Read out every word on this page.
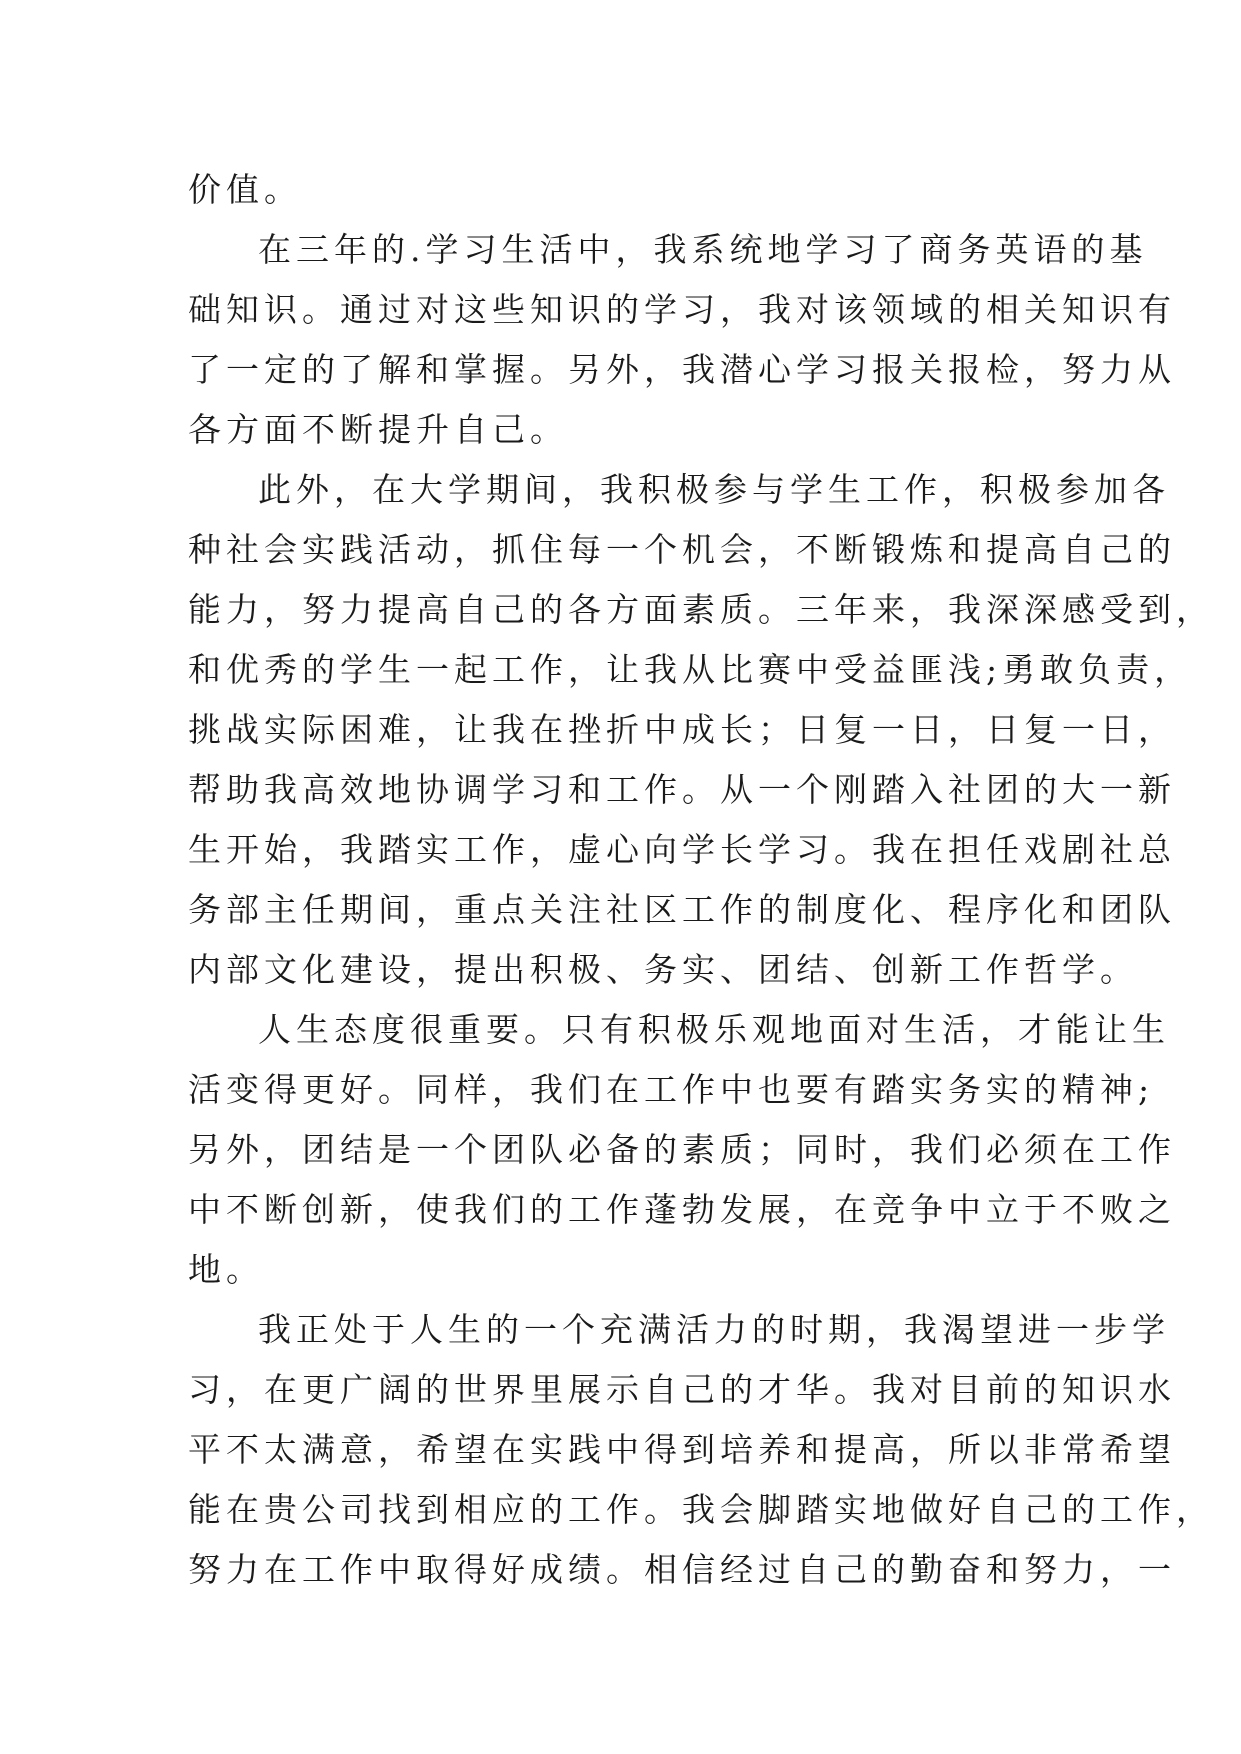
价值。
在三年的.学习生活中，我系统地学习了商务英语的基
础知识。通过对这些知识的学习，我对该领域的相关知识有
了一定的了解和掌握。另外，我潜心学习报关报检，努力从
各方面不断提升自己。
此外，在大学期间，我积极参与学生工作，积极参加各
种社会实践活动，抓住每一个机会，不断锻炼和提高自己的
能力，努力提高自己的各方面素质。三年来，我深深感受到，
和优秀的学生一起工作，让我从比赛中受益匪浅;勇敢负责，
挑战实际困难，让我在挫折中成长；日复一日，日复一日，
帮助我高效地协调学习和工作。从一个刚踏入社团的大一新
生开始，我踏实工作，虚心向学长学习。我在担任戏剧社总
务部主任期间，重点关注社区工作的制度化、程序化和团队
内部文化建设，提出积极、务实、团结、创新工作哲学。
人生态度很重要。只有积极乐观地面对生活，才能让生
活变得更好。同样，我们在工作中也要有踏实务实的精神;
另外，团结是一个团队必备的素质；同时，我们必须在工作
中不断创新，使我们的工作蓬勃发展，在竞争中立于不败之
地。
我正处于人生的一个充满活力的时期，我渴望进一步学
习，在更广阔的世界里展示自己的才华。我对目前的知识水
平不太满意，希望在实践中得到培养和提高，所以非常希望
能在贵公司找到相应的工作。我会脚踏实地做好自己的工作，
努力在工作中取得好成绩。相信经过自己的勤奋和努力，一
